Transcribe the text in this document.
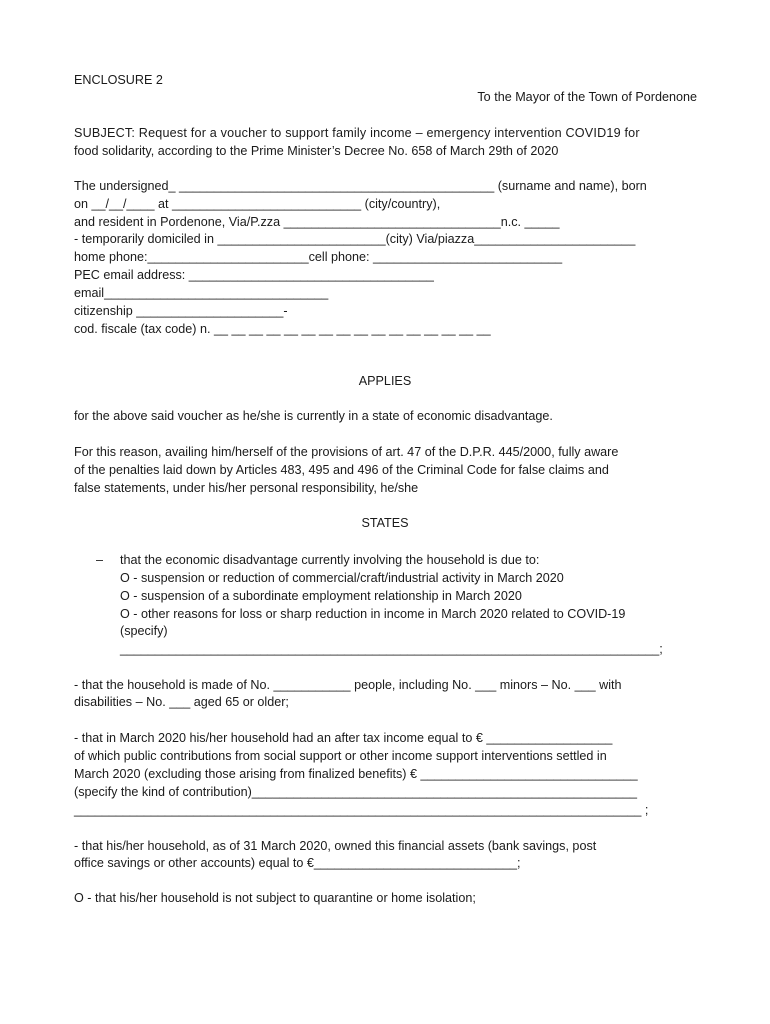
ENCLOSURE 2
To the Mayor of the Town of Pordenone
SUBJECT: Request for a voucher to support family income – emergency intervention COVID19 for
food solidarity, according to the Prime Minister’s Decree No. 658 of March 29th of 2020
The undersigned_ _____________________________________________ (surname and name), born
on __/__/____ at ___________________________ (city/country),
and resident in Pordenone, Via/P.zza _______________________________n.c. _____
- temporarily domiciled in ________________________(city) Via/piazza_______________________
home phone:_______________________cell phone: ___________________________
PEC email address: ___________________________________
email________________________________
citizenship _____________________-
cod. fiscale (tax code) n. __ __ __ __ __ __ __ __ __ __ __ __ __ __ __ __
APPLIES
for the above said voucher as he/she is currently in a state of economic disadvantage.
For this reason, availing him/herself of the provisions of art. 47 of the D.P.R. 445/2000, fully aware
of the penalties laid down by Articles 483, 495 and 496 of the Criminal Code for false claims and
false statements, under his/her personal responsibility, he/she
STATES
– that the economic disadvantage currently involving the household is due to:
O - suspension or reduction of commercial/craft/industrial activity in March 2020
O - suspension of a subordinate employment relationship in March 2020
O - other reasons for loss or sharp reduction in income in March 2020 related to COVID-19
(specify)
_____________________________________________________________________________;
- that the household is made of No. ___________ people, including No. ___ minors – No. ___ with
disabilities – No. ___ aged 65 or older;
- that in March 2020 his/her household had an after tax income equal to € __________________
of which public contributions from social support or other income support interventions settled in
March 2020 (excluding those arising from finalized benefits) € _______________________________
(specify the kind of contribution)_______________________________________________________
_________________________________________________________________________________ ;
- that his/her household, as of 31 March 2020, owned this financial assets (bank savings, post
office savings or other accounts) equal to €_____________________________;
O - that his/her household is not subject to quarantine or home isolation;
